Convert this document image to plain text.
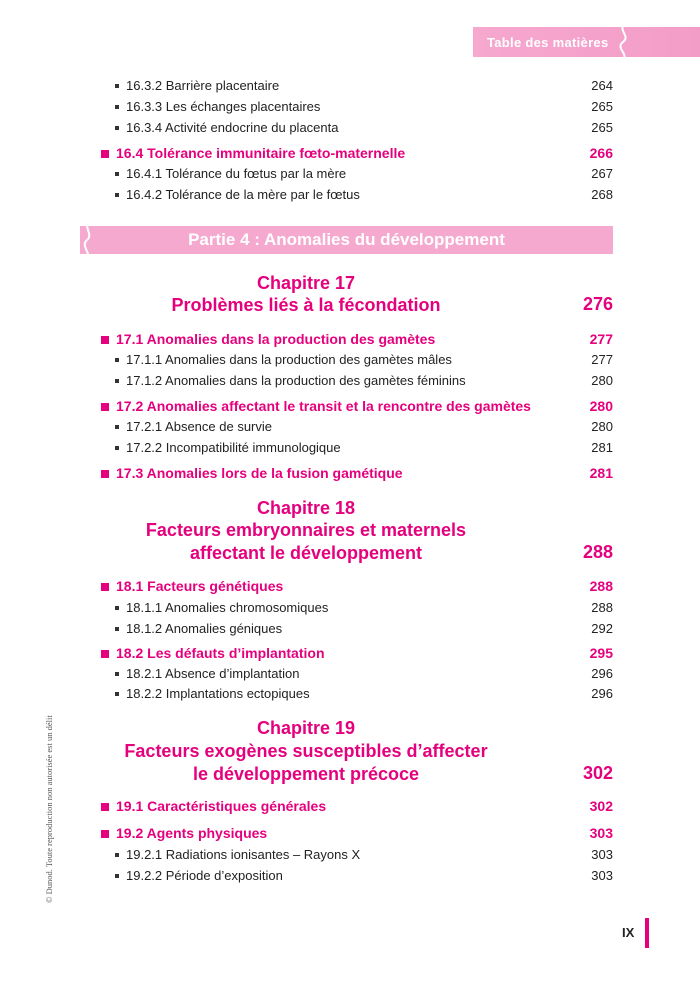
Table des matières
16.3.2 Barrière placentaire	264
16.3.3 Les échanges placentaires	265
16.3.4 Activité endocrine du placenta	265
16.4 Tolérance immunitaire fœto-maternelle	266
16.4.1 Tolérance du fœtus par la mère	267
16.4.2 Tolérance de la mère par le fœtus	268
Partie 4 : Anomalies du développement
Chapitre 17
Problèmes liés à la fécondation	276
17.1 Anomalies dans la production des gamètes	277
17.1.1 Anomalies dans la production des gamètes mâles	277
17.1.2 Anomalies dans la production des gamètes féminins	280
17.2 Anomalies affectant le transit et la rencontre des gamètes	280
17.2.1 Absence de survie	280
17.2.2 Incompatibilité immunologique	281
17.3 Anomalies lors de la fusion gamétique	281
Chapitre 18
Facteurs embryonnaires et maternels
affectant le développement	288
18.1 Facteurs génétiques	288
18.1.1 Anomalies chromosomiques	288
18.1.2 Anomalies géniques	292
18.2 Les défauts d’implantation	295
18.2.1 Absence d’implantation	296
18.2.2 Implantations ectopiques	296
Chapitre 19
Facteurs exogènes susceptibles d’affecter
le développement précoce	302
19.1 Caractéristiques générales	302
19.2 Agents physiques	303
19.2.1 Radiations ionisantes – Rayons X	303
19.2.2 Période d’exposition	303
© Dunod. Toute reproduction non autorisée est un délit
IX
